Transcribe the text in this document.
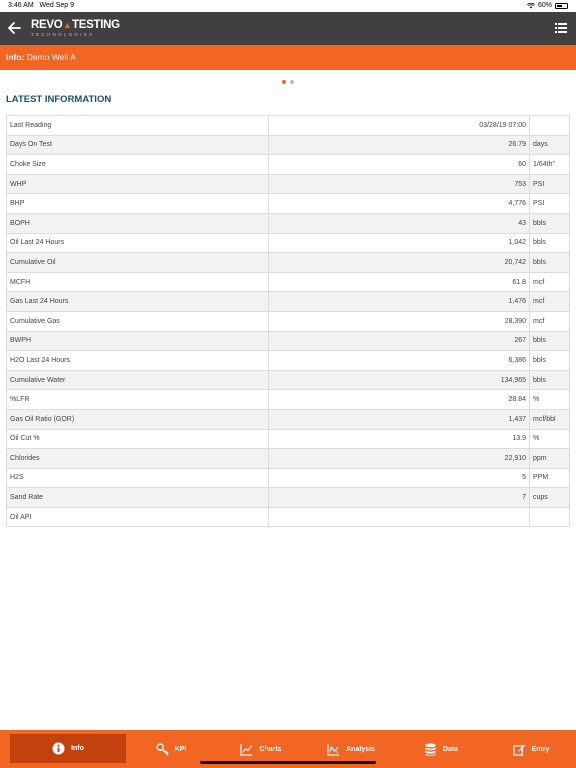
3:46 AM Wed Sep 9	60%
REVO▲TESTING
TECHNOLOGIES
Info: Demo Well A
LATEST INFORMATION
Last Reading	03/28/19 07:00	
Days On Test	26.79	days
Choke Size	60	1/64th"
WHP	753	PSI
BHP	4,776	PSI
BOPH	43	bbls
Oil Last 24 Hours	1,042	bbls
Cumulative Oil	20,742	bbls
MCFH	61.8	mcf
Gas Last 24 Hours	1,476	mcf
Cumulative Gas	28,390	mcf
BWPH	267	bbls
H2O Last 24 Hours	6,386	bbls
Cumulative Water	134,965	bbls
%LFR	28.84	%
Gas Oil Ratio (GOR)	1,437	mcf/bbl
Oil Cut %	13.9	%
Chlorides	22,910	ppm
H2S	5	PPM
Sand Rate	7	cups
Oil API		
Info	KPI	Charts	Analysis	Data	Entry
